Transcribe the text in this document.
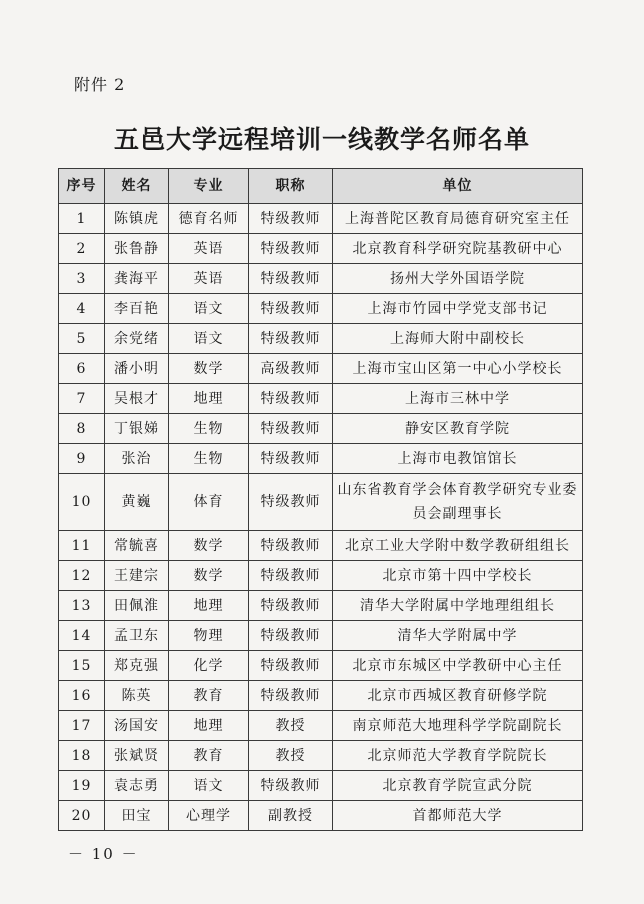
附件 2
五邑大学远程培训一线教学名师名单
序号	姓名	专业	职称	单位
1	陈镇虎	德育名师	特级教师	上海普陀区教育局德育研究室主任
2	张鲁静	英语	特级教师	北京教育科学研究院基教研中心
3	龚海平	英语	特级教师	扬州大学外国语学院
4	李百艳	语文	特级教师	上海市竹园中学党支部书记
5	余党绪	语文	特级教师	上海师大附中副校长
6	潘小明	数学	高级教师	上海市宝山区第一中心小学校长
7	吴根才	地理	特级教师	上海市三林中学
8	丁银娣	生物	特级教师	静安区教育学院
9	张治	生物	特级教师	上海市电教馆馆长
10	黄巍	体育	特级教师	山东省教育学会体育教学研究专业委员会副理事长
11	常毓喜	数学	特级教师	北京工业大学附中数学教研组组长
12	王建宗	数学	特级教师	北京市第十四中学校长
13	田佩淮	地理	特级教师	清华大学附属中学地理组组长
14	孟卫东	物理	特级教师	清华大学附属中学
15	郑克强	化学	特级教师	北京市东城区中学教研中心主任
16	陈英	教育	特级教师	北京市西城区教育研修学院
17	汤国安	地理	教授	南京师范大地理科学学院副院长
18	张斌贤	教育	教授	北京师范大学教育学院院长
19	袁志勇	语文	特级教师	北京教育学院宣武分院
20	田宝	心理学	副教授	首都师范大学
－ 10 －
